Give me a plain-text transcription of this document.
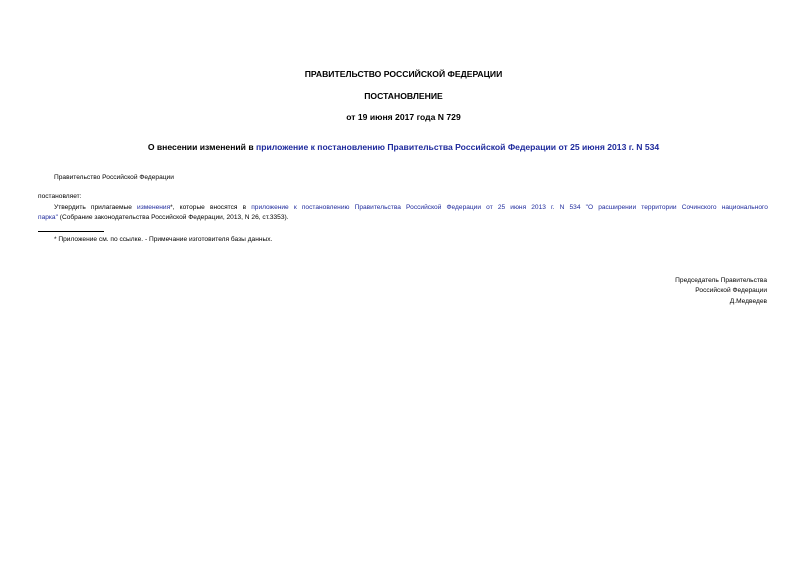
ПРАВИТЕЛЬСТВО РОССИЙСКОЙ ФЕДЕРАЦИИ
ПОСТАНОВЛЕНИЕ
от 19 июня 2017 года N 729
О внесении изменений в приложение к постановлению Правительства Российской Федерации от 25 июня 2013 г. N 534
Правительство Российской Федерации
постановляет:
Утвердить прилагаемые изменения*, которые вносятся в приложение к постановлению Правительства Российской Федерации от 25 июня 2013 г. N 534 "О расширении территории Сочинского национального
парка" (Собрание законодательства Российской Федерации, 2013, N 26, ст.3353).
* Приложение см. по ссылке. - Примечание изготовителя базы данных.
Председатель Правительства
Российской Федерации
Д.Медведев
